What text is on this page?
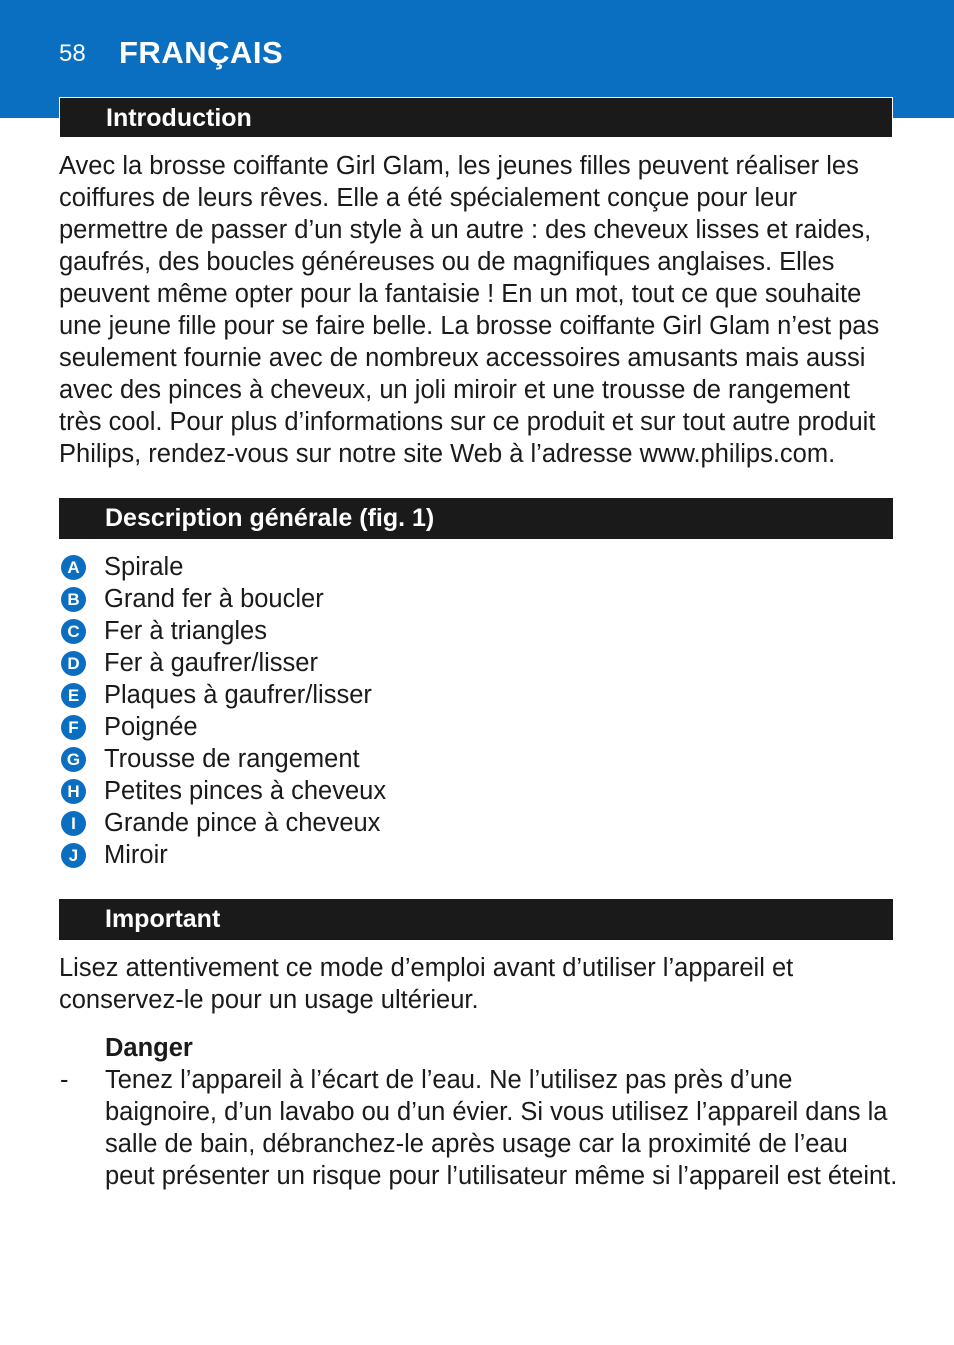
58 FRANÇAIS
Introduction

Avec la brosse coiffante Girl Glam, les jeunes filles peuvent réaliser les coiffures de leurs rêves. Elle a été spécialement conçue pour leur permettre de passer d’un style à un autre : des cheveux lisses et raides, gaufrés, des boucles généreuses ou de magnifiques anglaises. Elles peuvent même opter pour la fantaisie ! En un mot, tout ce que souhaite une jeune fille pour se faire belle. La brosse coiffante Girl Glam n’est pas seulement fournie avec de nombreux accessoires amusants mais aussi avec des pinces à cheveux, un joli miroir et une trousse de rangement très cool. Pour plus d’informations sur ce produit et sur tout autre produit Philips, rendez-vous sur notre site Web à l’adresse www.philips.com.

Description générale (fig. 1)
A Spirale
B Grand fer à boucler
C Fer à triangles
D Fer à gaufrer/lisser
E Plaques à gaufrer/lisser
F Poignée
G Trousse de rangement
H Petites pinces à cheveux
I	Grande pince à cheveux
J	Miroir
Important

Lisez attentivement ce mode d’emploi avant d’utiliser l’appareil et conservez-le pour un usage ultérieur.

Danger
- Tenez l’appareil à l’écart de l’eau. Ne l’utilisez pas près d’une baignoire, d’un lavabo ou d’un évier. Si vous utilisez l’appareil dans la salle de bain, débranchez-le après usage car la proximité de l’eau peut présenter un risque pour l’utilisateur même si l’appareil est éteint.
